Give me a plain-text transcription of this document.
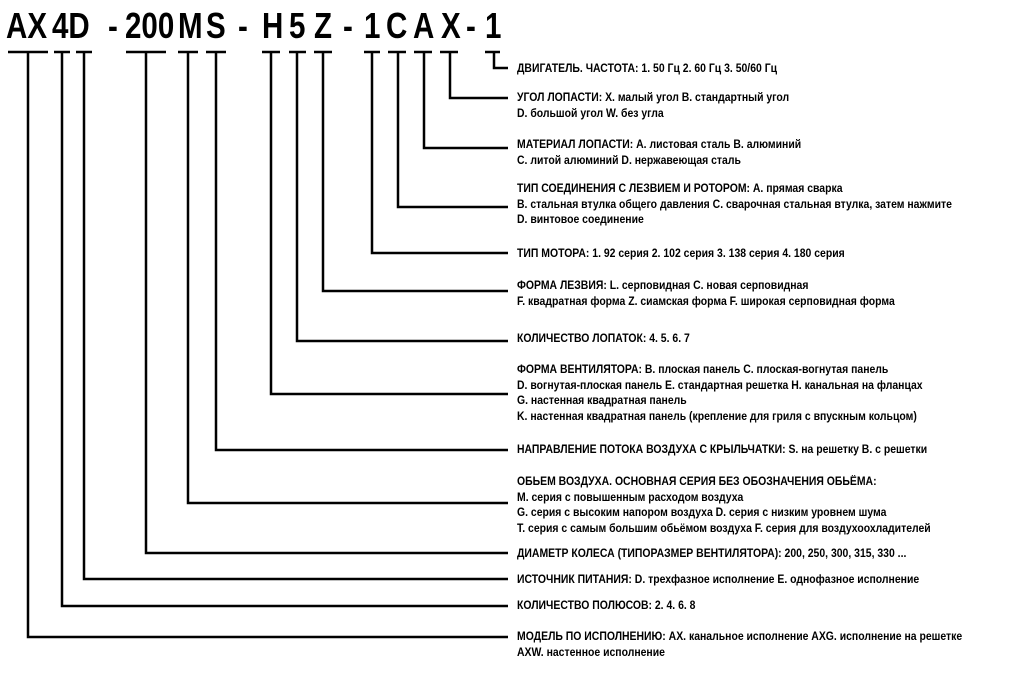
AX 4D - 200 M S - H 5 Z - 1 C A X - 1
ДВИГАТЕЛЬ. ЧАСТОТА: 1. 50 Гц 2. 60 Гц 3. 50/60 Гц
УГОЛ ЛОПАСТИ: X. малый угол B. стандартный угол
D. большой угол W. без угла
МАТЕРИАЛ ЛОПАСТИ: A. листовая сталь B. алюминий
C. литой алюминий D. нержавеющая сталь
ТИП СОЕДИНЕНИЯ С ЛЕЗВИЕМ И РОТОРОМ: A. прямая сварка
B. стальная втулка общего давления C. сварочная стальная втулка, затем нажмите
D. винтовое соединение
ТИП МОТОРА: 1. 92 серия 2. 102 серия 3. 138 серия 4. 180 серия
ФОРМА ЛЕЗВИЯ: L. серповидная C. новая серповидная
F. квадратная форма Z. сиамская форма F. широкая серповидная форма
КОЛИЧЕСТВО ЛОПАТОК: 4. 5. 6. 7
ФОРМА ВЕНТИЛЯТОРА: B. плоская панель C. плоская-вогнутая панель
D. вогнутая-плоская панель E. стандартная решетка H. канальная на фланцах
G. настенная квадратная панель
K. настенная квадратная панель (крепление для гриля с впускным кольцом)
НАПРАВЛЕНИЕ ПОТОКА ВОЗДУХА С КРЫЛЬЧАТКИ: S. на решетку B. с решетки
ОБЬЕМ ВОЗДУХА. ОСНОВНАЯ СЕРИЯ БЕЗ ОБОЗНАЧЕНИЯ ОБЬЁМА:
M. серия с повышенным расходом воздуха
G. серия с высоким напором воздуха D. серия с низким уровнем шума
T. серия с самым большим обьёмом воздуха F. серия для воздухоохладителей
ДИАМЕТР КОЛЕСА (ТИПОРАЗМЕР ВЕНТИЛЯТОРА): 200, 250, 300, 315, 330 ...
ИСТОЧНИК ПИТАНИЯ: D. трехфазное исполнение E. однофазное исполнение
КОЛИЧЕСТВО ПОЛЮСОВ: 2. 4. 6. 8
МОДЕЛЬ ПО ИСПОЛНЕНИЮ: AX. канальное исполнение AXG. исполнение на решетке
AXW. настенное исполнение
